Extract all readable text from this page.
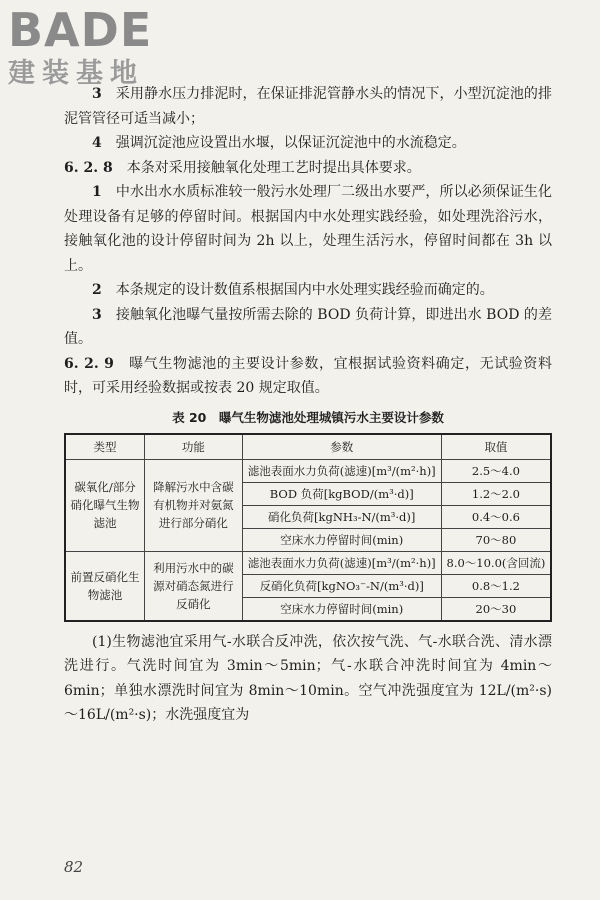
BADE
建装基地

3　 采用静水压力排泥时，在保证排泥管静水头的情况下，小型沉淀池的排泥管管径可适当减小；

4　 强调沉淀池应设置出水堰，以保证沉淀池中的水流稳定。

6. 2. 8　 本条对采用接触氧化处理工艺时提出具体要求。

1　 中水出水水质标准较一般污水处理厂二级出水要严，所以必须保证生化处理设备有足够的停留时间。根据国内中水处理实践经验，如处理洗浴污水，接触氧化池的设计停留时间为 2h 以上，处理生活污水，停留时间都在 3h 以上。

2　 本条规定的设计数值系根据国内中水处理实践经验而确定的。

3　 接触氧化池曝气量按所需去除的 BOD 负荷计算，即进出水 BOD 的差值。

6. 2. 9　 曝气生物滤池的主要设计参数，宜根据试验资料确定，无试验资料时，可采用经验数据或按表 20 规定取值。

表 20　曝气生物滤池处理城镇污水主要设计参数
类型	功能	参数	取值
碳氧化/部分硝化曝气生物滤池	降解污水中含碳有机物并对氨氮进行部分硝化	滤池表面水力负荷(滤速)[m³/(m²·h)]	2.5～4.0
		BOD 负荷[kgBOD/(m³·d)]	1.2～2.0
		硝化负荷[kgNH₃-N/(m³·d)]	0.4～0.6
		空床水力停留时间(min)	70～80
前置反硝化生物滤池	利用污水中的碳源对硝态氮进行反硝化	滤池表面水力负荷(滤速)[m³/(m²·h)]	8.0～10.0(含回流)
		反硝化负荷[kgNO₃⁻-N/(m³·d)]	0.8～1.2
		空床水力停留时间(min)	20～30

(1)生物滤池宜采用气-水联合反冲洗，依次按气洗、气-水联合洗、清水漂洗进行。气洗时间宜为 3min～5min；气-水联合冲洗时间宜为 4min～6min；单独水漂洗时间宜为 8min～10min。空气冲洗强度宜为 12L/(m²·s)～16L/(m²·s)；水洗强度宜为

82
